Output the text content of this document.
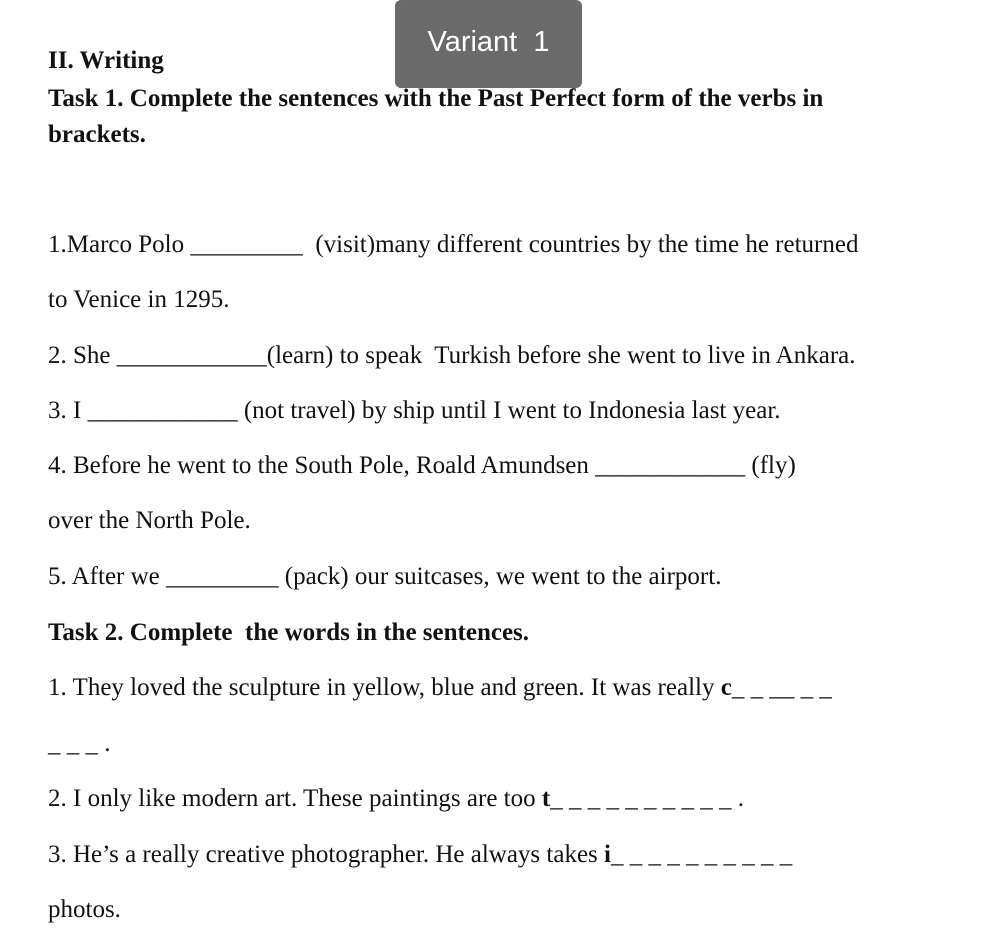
Variant  1
II. Writing
Task 1. Complete the sentences with the Past Perfect form of the verbs in
brackets.
1.Marco Polo _________  (visit)many different countries by the time he returned
to Venice in 1295.
2. She ____________(learn) to speak  Turkish before she went to live in Ankara.
3. I ____________ (not travel) by ship until I went to Indonesia last year.
4. Before he went to the South Pole, Roald Amundsen ____________ (fly)
over the North Pole.
5. After we _________ (pack) our suitcases, we went to the airport.
Task 2. Complete  the words in the sentences.
1. They loved the sculpture in yellow, blue and green. It was really c_ _ __ _ _
_ _ _ .
2. I only like modern art. These paintings are too t_ _ _ _ _ _ _ _ _ _ .
3. He’s a really creative photographer. He always takes i_ _ _ _ _ _ _ _ _ _
photos.
